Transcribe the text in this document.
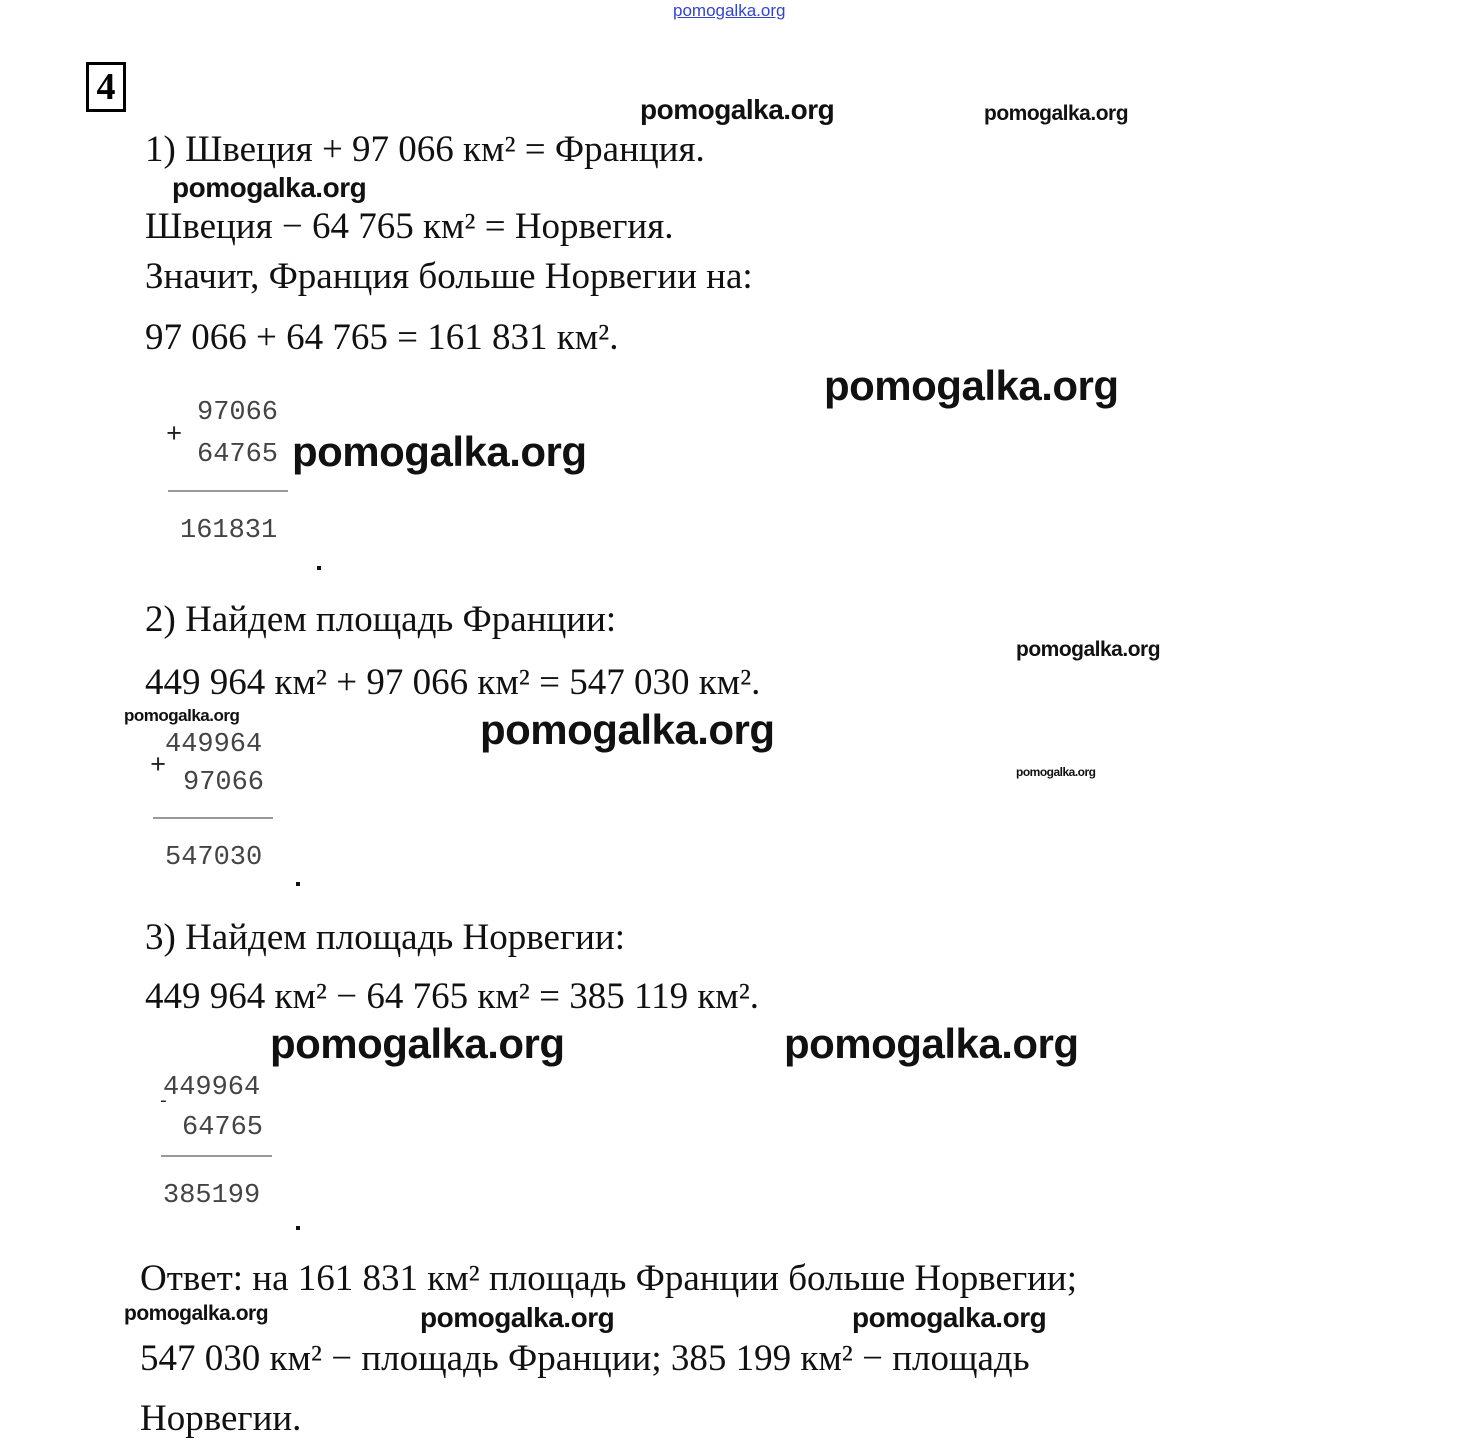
pomogalka.org
4
1) Швеция + 97 066 км² = Франция.
Швеция − 64 765 км² = Норвегия.
Значит, Франция больше Норвегии на:
97 066 + 64 765 = 161 831 км².
97066
+
64765
161831
2) Найдем площадь Франции:
449 964 км² + 97 066 км² = 547 030 км².
449964
+
97066
547030
3) Найдем площадь Норвегии:
449 964 км² − 64 765 км² = 385 119 км².
449964
-
64765
385199
Ответ: на 161 831 км² площадь Франции больше Норвегии;
547 030 км² − площадь Франции; 385 199 км² − площадь
Норвегии.
pomogalka.org	pomogalka.org
pomogalka.org
pomogalka.org
pomogalka.org
pomogalka.org
pomogalka.org	pomogalka.org
pomogalka.org
pomogalka.org	pomogalka.org
pomogalka.org	pomogalka.org	pomogalka.org
